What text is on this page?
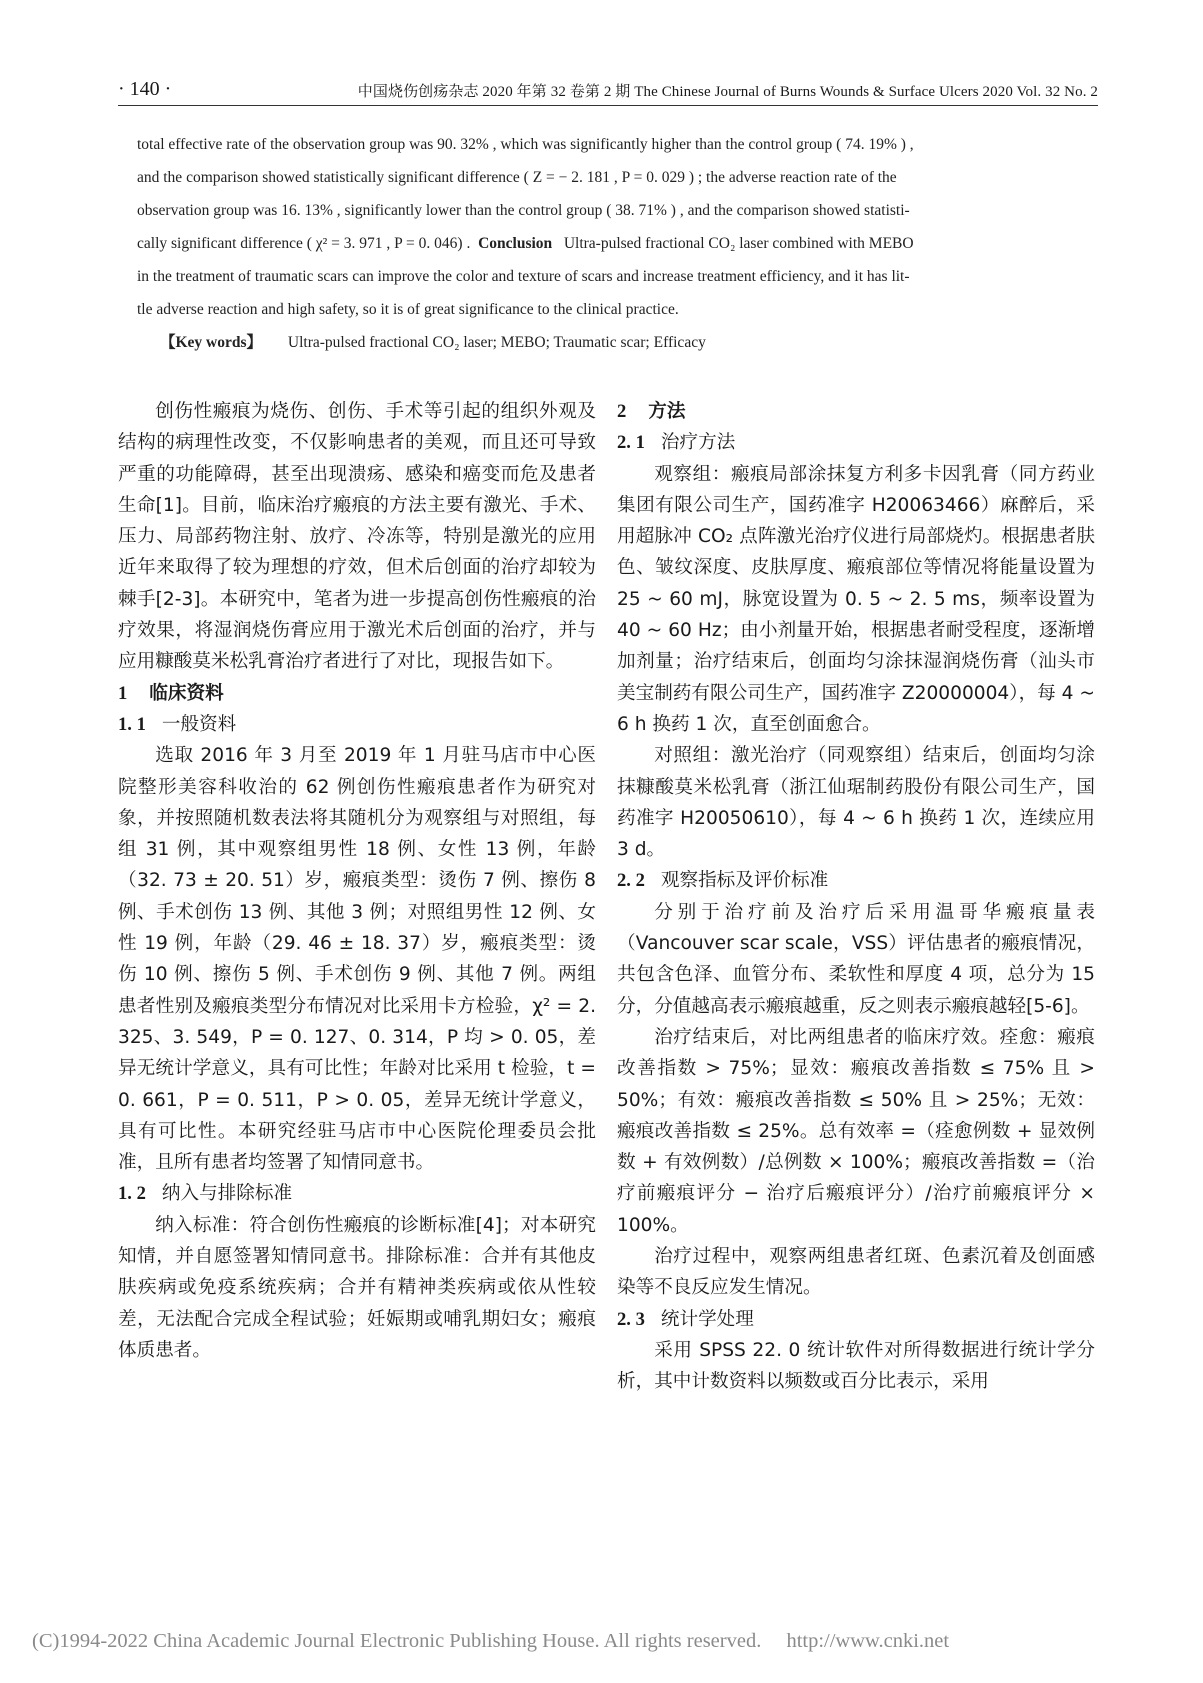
· 140 ·	中国烧伤创疡杂志 2020 年第 32 卷第 2 期 The Chinese Journal of Burns Wounds & Surface Ulcers 2020 Vol. 32 No. 2
total effective rate of the observation group was 90. 32% , which was significantly higher than the control group ( 74. 19% ) ,
and the comparison showed statistically significant difference ( Z = − 2. 181 , P = 0. 029 ) ; the adverse reaction rate of the
observation group was 16. 13% , significantly lower than the control group ( 38. 71% ) , and the comparison showed statisti-
cally significant difference ( χ² = 3. 971 , P = 0. 046) . Conclusion Ultra-pulsed fractional CO₂ laser combined with MEBO
in the treatment of traumatic scars can improve the color and texture of scars and increase treatment efficiency, and it has lit-
tle adverse reaction and high safety, so it is of great significance to the clinical practice.
【Key words】 Ultra-pulsed fractional CO₂ laser; MEBO; Traumatic scar; Efficacy

创伤性瘢痕为烧伤、创伤、手术等引起的组织外观及结构的病理性改变，不仅影响患者的美观，而且还可导致严重的功能障碍，甚至出现溃疡、感染和癌变而危及患者生命[1]。目前，临床治疗瘢痕的方法主要有激光、手术、压力、局部药物注射、放疗、冷冻等，特别是激光的应用近年来取得了较为理想的疗效，但术后创面的治疗却较为棘手[2-3]。本研究中，笔者为进一步提高创伤性瘢痕的治疗效果，将湿润烧伤膏应用于激光术后创面的治疗，并与应用糠酸莫米松乳膏治疗者进行了对比，现报告如下。

1 临床资料
1. 1 一般资料

选取 2016 年 3 月至 2019 年 1 月驻马店市中心医院整形美容科收治的 62 例创伤性瘢痕患者作为研究对象，并按照随机数表法将其随机分为观察组与对照组，每组 31 例，其中观察组男性 18 例、女性 13 例，年龄（32. 73 ± 20. 51）岁，瘢痕类型：烫伤 7 例、擦伤 8 例、手术创伤 13 例、其他 3 例；对照组男性 12 例、女性 19 例，年龄（29. 46 ± 18. 37）岁，瘢痕类型：烫伤 10 例、擦伤 5 例、手术创伤 9 例、其他 7 例。两组患者性别及瘢痕类型分布情况对比采用卡方检验，χ² = 2. 325、3. 549，P = 0. 127、0. 314，P 均 > 0. 05，差异无统计学意义，具有可比性；年龄对比采用 t 检验，t = 0. 661，P = 0. 511，P > 0. 05，差异无统计学意义，具有可比性。本研究经驻马店市中心医院伦理委员会批准，且所有患者均签署了知情同意书。

1. 2 纳入与排除标准

纳入标准：符合创伤性瘢痕的诊断标准[4]；对本研究知情，并自愿签署知情同意书。排除标准：合并有其他皮肤疾病或免疫系统疾病；合并有精神类疾病或依从性较差，无法配合完成全程试验；妊娠期或哺乳期妇女；瘢痕体质患者。

2 方法
2. 1 治疗方法

观察组：瘢痕局部涂抹复方利多卡因乳膏（同方药业集团有限公司生产，国药准字 H20063466）麻醉后，采用超脉冲 CO₂ 点阵激光治疗仪进行局部烧灼。根据患者肤色、皱纹深度、皮肤厚度、瘢痕部位等情况将能量设置为 25 ~ 60 mJ，脉宽设置为 0. 5 ~ 2. 5 ms，频率设置为 40 ~ 60 Hz；由小剂量开始，根据患者耐受程度，逐渐增加剂量；治疗结束后，创面均匀涂抹湿润烧伤膏（汕头市美宝制药有限公司生产，国药准字 Z20000004），每 4 ~ 6 h 换药 1 次，直至创面愈合。

对照组：激光治疗（同观察组）结束后，创面均匀涂抹糠酸莫米松乳膏（浙江仙琚制药股份有限公司生产，国药准字 H20050610），每 4 ~ 6 h 换药 1 次，连续应用 3 d。

2. 2 观察指标及评价标准

分别于治疗前及治疗后采用温哥华瘢痕量表（Vancouver scar scale，VSS）评估患者的瘢痕情况，共包含色泽、血管分布、柔软性和厚度 4 项，总分为 15 分，分值越高表示瘢痕越重，反之则表示瘢痕越轻[5-6]。

治疗结束后，对比两组患者的临床疗效。痊愈：瘢痕改善指数 > 75%；显效：瘢痕改善指数 ≤ 75% 且 > 50%；有效：瘢痕改善指数 ≤ 50% 且 > 25%；无效：瘢痕改善指数 ≤ 25%。总有效率 =（痊愈例数 + 显效例数 + 有效例数）/总例数 × 100%；瘢痕改善指数 =（治疗前瘢痕评分 − 治疗后瘢痕评分）/治疗前瘢痕评分 × 100%。

治疗过程中，观察两组患者红斑、色素沉着及创面感染等不良反应发生情况。

2. 3 统计学处理

采用 SPSS 22. 0 统计软件对所得数据进行统计学分析，其中计数资料以频数或百分比表示，采用

(C)1994-2022 China Academic Journal Electronic Publishing House. All rights reserved. http://www.cnki.net
